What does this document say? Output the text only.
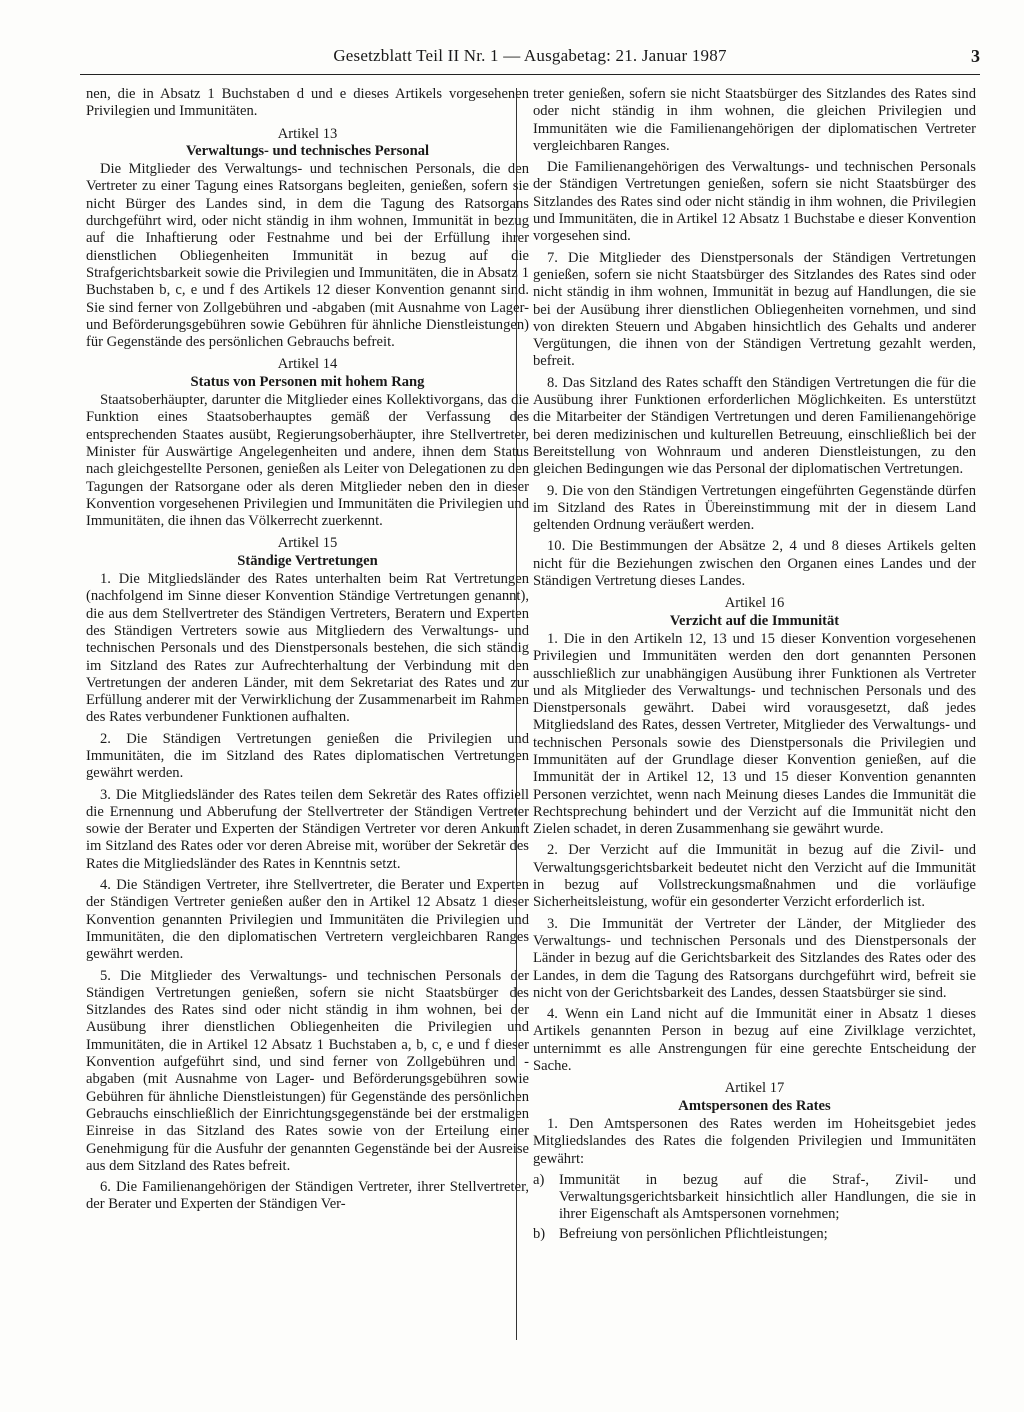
Gesetzblatt Teil II Nr. 1 — Ausgabetag: 21. Januar 1987	3

nen, die in Absatz 1 Buchstaben d und e dieses Artikels vorgesehenen Privilegien und Immunitäten.

Artikel 13

Verwaltungs- und technisches Personal

Die Mitglieder des Verwaltungs- und technischen Personals, die den Vertreter zu einer Tagung eines Ratsorgans begleiten, genießen, sofern sie nicht Bürger des Landes sind, in dem die Tagung des Ratsorgans durchgeführt wird, oder nicht ständig in ihm wohnen, Immunität in bezug auf die Inhaftierung oder Festnahme und bei der Erfüllung ihrer dienstlichen Obliegenheiten Immunität in bezug auf die Strafgerichtsbarkeit sowie die Privilegien und Immunitäten, die in Absatz 1 Buchstaben b, c, e und f des Artikels 12 dieser Konvention genannt sind. Sie sind ferner von Zollgebühren und -abgaben (mit Ausnahme von Lager- und Beförderungsgebühren sowie Gebühren für ähnliche Dienstleistungen) für Gegenstände des persönlichen Gebrauchs befreit.

Artikel 14

Status von Personen mit hohem Rang

Staatsoberhäupter, darunter die Mitglieder eines Kollektivorgans, das die Funktion eines Staatsoberhauptes gemäß der Verfassung des entsprechenden Staates ausübt, Regierungsoberhäupter, ihre Stellvertreter, Minister für Auswärtige Angelegenheiten und andere, ihnen dem Status nach gleichgestellte Personen, genießen als Leiter von Delegationen zu den Tagungen der Ratsorgane oder als deren Mitglieder neben den in dieser Konvention vorgesehenen Privilegien und Immunitäten die Privilegien und Immunitäten, die ihnen das Völkerrecht zuerkennt.

Artikel 15

Ständige Vertretungen

1. Die Mitgliedsländer des Rates unterhalten beim Rat Vertretungen (nachfolgend im Sinne dieser Konvention Ständige Vertretungen genannt), die aus dem Stellvertreter des Ständigen Vertreters, Beratern und Experten des Ständigen Vertreters sowie aus Mitgliedern des Verwaltungs- und technischen Personals und des Dienstpersonals bestehen, die sich ständig im Sitzland des Rates zur Aufrechterhaltung der Verbindung mit den Vertretungen der anderen Länder, mit dem Sekretariat des Rates und zur Erfüllung anderer mit der Verwirklichung der Zusammenarbeit im Rahmen des Rates verbundener Funktionen aufhalten.

2. Die Ständigen Vertretungen genießen die Privilegien und Immunitäten, die im Sitzland des Rates diplomatischen Vertretungen gewährt werden.

3. Die Mitgliedsländer des Rates teilen dem Sekretär des Rates offiziell die Ernennung und Abberufung der Stellvertreter der Ständigen Vertreter sowie der Berater und Experten der Ständigen Vertreter vor deren Ankunft im Sitzland des Rates oder vor deren Abreise mit, worüber der Sekretär des Rates die Mitgliedsländer des Rates in Kenntnis setzt.

4. Die Ständigen Vertreter, ihre Stellvertreter, die Berater und Experten der Ständigen Vertreter genießen außer den in Artikel 12 Absatz 1 dieser Konvention genannten Privilegien und Immunitäten die Privilegien und Immunitäten, die den diplomatischen Vertretern vergleichbaren Ranges gewährt werden.

5. Die Mitglieder des Verwaltungs- und technischen Personals der Ständigen Vertretungen genießen, sofern sie nicht Staatsbürger des Sitzlandes des Rates sind oder nicht ständig in ihm wohnen, bei der Ausübung ihrer dienstlichen Obliegenheiten die Privilegien und Immunitäten, die in Artikel 12 Absatz 1 Buchstaben a, b, c, e und f dieser Konvention aufgeführt sind, und sind ferner von Zollgebühren und -abgaben (mit Ausnahme von Lager- und Beförderungsgebühren sowie Gebühren für ähnliche Dienstleistungen) für Gegenstände des persönlichen Gebrauchs einschließlich der Einrichtungsgegenstände bei der erstmaligen Einreise in das Sitzland des Rates sowie von der Erteilung einer Genehmigung für die Ausfuhr der genannten Gegenstände bei der Ausreise aus dem Sitzland des Rates befreit.

6. Die Familienangehörigen der Ständigen Vertreter, ihrer Stellvertreter, der Berater und Experten der Ständigen Ver-

treter genießen, sofern sie nicht Staatsbürger des Sitzlandes des Rates sind oder nicht ständig in ihm wohnen, die gleichen Privilegien und Immunitäten wie die Familienangehörigen der diplomatischen Vertreter vergleichbaren Ranges.

Die Familienangehörigen des Verwaltungs- und technischen Personals der Ständigen Vertretungen genießen, sofern sie nicht Staatsbürger des Sitzlandes des Rates sind oder nicht ständig in ihm wohnen, die Privilegien und Immunitäten, die in Artikel 12 Absatz 1 Buchstabe e dieser Konvention vorgesehen sind.

7. Die Mitglieder des Dienstpersonals der Ständigen Vertretungen genießen, sofern sie nicht Staatsbürger des Sitzlandes des Rates sind oder nicht ständig in ihm wohnen, Immunität in bezug auf Handlungen, die sie bei der Ausübung ihrer dienstlichen Obliegenheiten vornehmen, und sind von direkten Steuern und Abgaben hinsichtlich des Gehalts und anderer Vergütungen, die ihnen von der Ständigen Vertretung gezahlt werden, befreit.

8. Das Sitzland des Rates schafft den Ständigen Vertretungen die für die Ausübung ihrer Funktionen erforderlichen Möglichkeiten. Es unterstützt die Mitarbeiter der Ständigen Vertretungen und deren Familienangehörige bei deren medizinischen und kulturellen Betreuung, einschließlich bei der Bereitstellung von Wohnraum und anderen Dienstleistungen, zu den gleichen Bedingungen wie das Personal der diplomatischen Vertretungen.

9. Die von den Ständigen Vertretungen eingeführten Gegenstände dürfen im Sitzland des Rates in Übereinstimmung mit der in diesem Land geltenden Ordnung veräußert werden.

10. Die Bestimmungen der Absätze 2, 4 und 8 dieses Artikels gelten nicht für die Beziehungen zwischen den Organen eines Landes und der Ständigen Vertretung dieses Landes.

Artikel 16

Verzicht auf die Immunität

1. Die in den Artikeln 12, 13 und 15 dieser Konvention vorgesehenen Privilegien und Immunitäten werden den dort genannten Personen ausschließlich zur unabhängigen Ausübung ihrer Funktionen als Vertreter und als Mitglieder des Verwaltungs- und technischen Personals und des Dienstpersonals gewährt. Dabei wird vorausgesetzt, daß jedes Mitgliedsland des Rates, dessen Vertreter, Mitglieder des Verwaltungs- und technischen Personals sowie des Dienstpersonals die Privilegien und Immunitäten auf der Grundlage dieser Konvention genießen, auf die Immunität der in Artikel 12, 13 und 15 dieser Konvention genannten Personen verzichtet, wenn nach Meinung dieses Landes die Immunität die Rechtsprechung behindert und der Verzicht auf die Immunität nicht den Zielen schadet, in deren Zusammenhang sie gewährt wurde.

2. Der Verzicht auf die Immunität in bezug auf die Zivil- und Verwaltungsgerichtsbarkeit bedeutet nicht den Verzicht auf die Immunität in bezug auf Vollstreckungsmaßnahmen und die vorläufige Sicherheitsleistung, wofür ein gesonderter Verzicht erforderlich ist.

3. Die Immunität der Vertreter der Länder, der Mitglieder des Verwaltungs- und technischen Personals und des Dienstpersonals der Länder in bezug auf die Gerichtsbarkeit des Sitzlandes des Rates oder des Landes, in dem die Tagung des Ratsorgans durchgeführt wird, befreit sie nicht von der Gerichtsbarkeit des Landes, dessen Staatsbürger sie sind.

4. Wenn ein Land nicht auf die Immunität einer in Absatz 1 dieses Artikels genannten Person in bezug auf eine Zivilklage verzichtet, unternimmt es alle Anstrengungen für eine gerechte Entscheidung der Sache.

Artikel 17

Amtspersonen des Rates

1. Den Amtspersonen des Rates werden im Hoheitsgebiet jedes Mitgliedslandes des Rates die folgenden Privilegien und Immunitäten gewährt:

a) Immunität in bezug auf die Straf-, Zivil- und Verwaltungsgerichtsbarkeit hinsichtlich aller Handlungen, die sie in ihrer Eigenschaft als Amtspersonen vornehmen;
b) Befreiung von persönlichen Pflichtleistungen;
